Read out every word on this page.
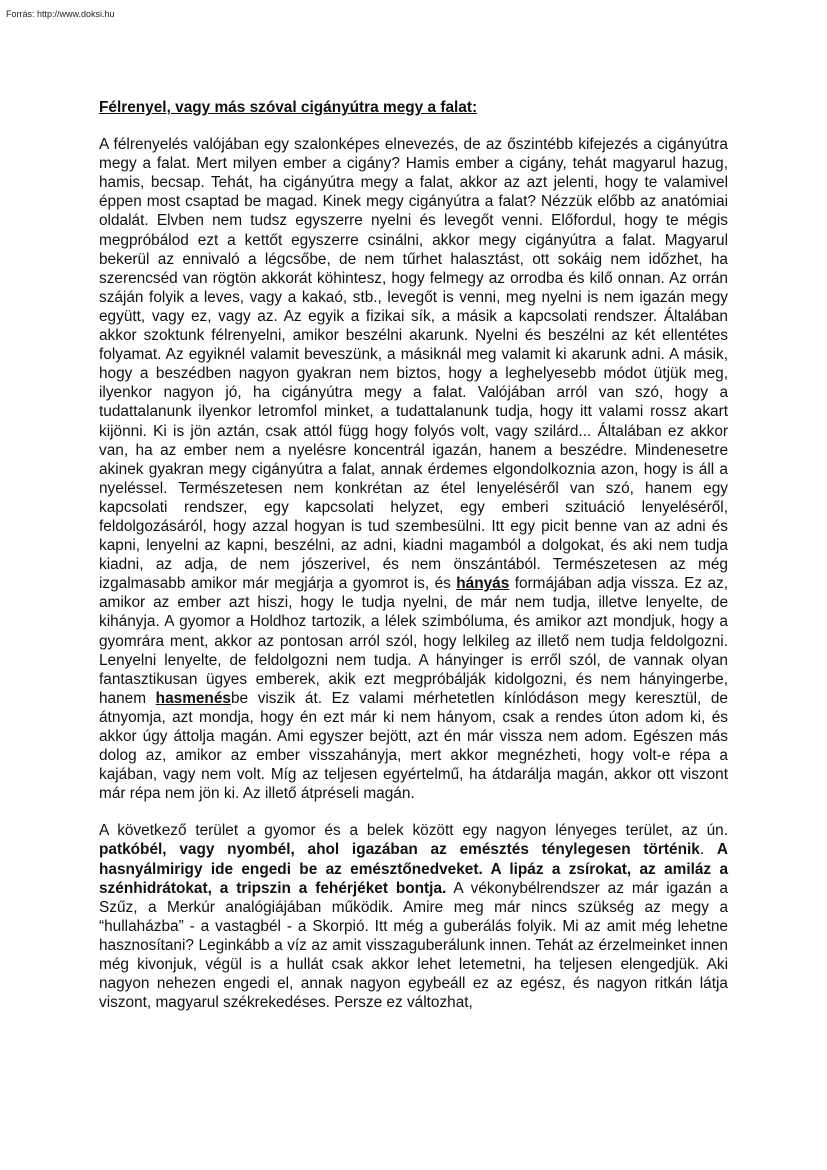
Forrás: http://www.doksi.hu

Félrenyel, vagy más szóval cigányútra megy a falat:

A félrenyelés valójában egy szalonképes elnevezés, de az őszintébb kifejezés a cigányútra megy a falat. Mert milyen ember a cigány? Hamis ember a cigány, tehát magyarul hazug, hamis, becsap. Tehát, ha cigányútra megy a falat, akkor az azt jelenti, hogy te valamivel éppen most csaptad be magad. Kinek megy cigányútra a falat? Nézzük előbb az anatómiai oldalát. Elvben nem tudsz egyszerre nyelni és levegőt venni. Előfordul, hogy te mégis megpróbálod ezt a kettőt egyszerre csinálni, akkor megy cigányútra a falat. Magyarul bekerül az ennivaló a légcsőbe, de nem tűrhet halasztást, ott sokáig nem időzhet, ha szerencséd van rögtön akkorát köhintesz, hogy felmegy az orrodba és kilő onnan. Az orrán száján folyik a leves, vagy a kakaó, stb., levegőt is venni, meg nyelni is nem igazán megy együtt, vagy ez, vagy az. Az egyik a fizikai sík, a másik a kapcsolati rendszer. Általában akkor szoktunk félrenyelni, amikor beszélni akarunk. Nyelni és beszélni az két ellentétes folyamat. Az egyiknél valamit beveszünk, a másiknál meg valamit ki akarunk adni. A másik, hogy a beszédben nagyon gyakran nem biztos, hogy a leghelyesebb módot ütjük meg, ilyenkor nagyon jó, ha cigányútra megy a falat. Valójában arról van szó, hogy a tudattalanunk ilyenkor letromfol minket, a tudattalanunk tudja, hogy itt valami rossz akart kijönni. Ki is jön aztán, csak attól függ hogy folyós volt, vagy szilárd... Általában ez akkor van, ha az ember nem a nyelésre koncentrál igazán, hanem a beszédre. Mindenesetre akinek gyakran megy cigányútra a falat, annak érdemes elgondolkoznia azon, hogy is áll a nyeléssel. Természetesen nem konkrétan az étel lenyeléséről van szó, hanem egy kapcsolati rendszer, egy kapcsolati helyzet, egy emberi szituáció lenyeléséről, feldolgozásáról, hogy azzal hogyan is tud szembesülni. Itt egy picit benne van az adni és kapni, lenyelni az kapni, beszélni, az adni, kiadni magamból a dolgokat, és aki nem tudja kiadni, az adja, de nem jószerivel, és nem önszántából. Természetesen az még izgalmasabb amikor már megjárja a gyomrot is, és hányás formájában adja vissza. Ez az, amikor az ember azt hiszi, hogy le tudja nyelni, de már nem tudja, illetve lenyelte, de kihányja. A gyomor a Holdhoz tartozik, a lélek szimbóluma, és amikor azt mondjuk, hogy a gyomrára ment, akkor az pontosan arról szól, hogy lelkileg az illető nem tudja feldolgozni. Lenyelni lenyelte, de feldolgozni nem tudja. A hányinger is erről szól, de vannak olyan fantasztikusan ügyes emberek, akik ezt megpróbálják kidolgozni, és nem hányingerbe, hanem hasmenésbe viszik át. Ez valami mérhetetlen kínlódáson megy keresztül, de átnyomja, azt mondja, hogy én ezt már ki nem hányom, csak a rendes úton adom ki, és akkor úgy áttolja magán. Ami egyszer bejött, azt én már vissza nem adom. Egészen más dolog az, amikor az ember visszahányja, mert akkor megnézheti, hogy volt-e répa a kajában, vagy nem volt. Míg az teljesen egyértelmű, ha átdarálja magán, akkor ott viszont már répa nem jön ki. Az illető átpréseli magán.

A következő terület a gyomor és a belek között egy nagyon lényeges terület, az ún. patkóbél, vagy nyombél, ahol igazában az emésztés ténylegesen történik. A hasnyálmirigy ide engedi be az emésztőnedveket. A lipáz a zsírokat, az amiláz a szénhidrátokat, a tripszin a fehérjéket bontja. A vékonybélrendszer az már igazán a Szűz, a Merkúr analógiájában működik. Amire meg már nincs szükség az megy a “hullaházba” - a vastagbél - a Skorpió. Itt még a guberálás folyik. Mi az amit még lehetne hasznosítani? Leginkább a víz az amit visszaguberálunk innen. Tehát az érzelmeinket innen még kivonjuk, végül is a hullát csak akkor lehet letemetni, ha teljesen elengedjük. Aki nagyon nehezen engedi el, annak nagyon egybeáll ez az egész, és nagyon ritkán látja viszont, magyarul székrekedéses. Persze ez változhat,
